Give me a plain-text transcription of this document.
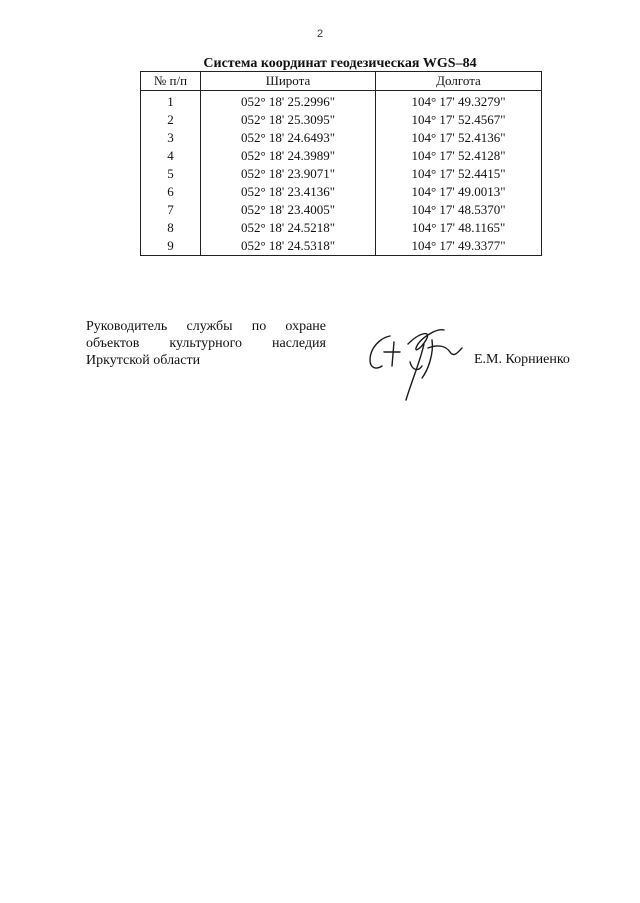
2
Система координат геодезическая WGS–84
№ п/п	Широта	Долгота
1	052° 18' 25.2996"	104° 17' 49.3279"
2	052° 18' 25.3095"	104° 17' 52.4567"
3	052° 18' 24.6493"	104° 17' 52.4136"
4	052° 18' 24.3989"	104° 17' 52.4128"
5	052° 18' 23.9071"	104° 17' 52.4415"
6	052° 18' 23.4136"	104° 17' 49.0013"
7	052° 18' 23.4005"	104° 17' 48.5370"
8	052° 18' 24.5218"	104° 17' 48.1165"
9	052° 18' 24.5318"	104° 17' 49.3377"
Руководитель службы по охране
объектов культурного наследия
Иркутской области	Е.М. Корниенко
